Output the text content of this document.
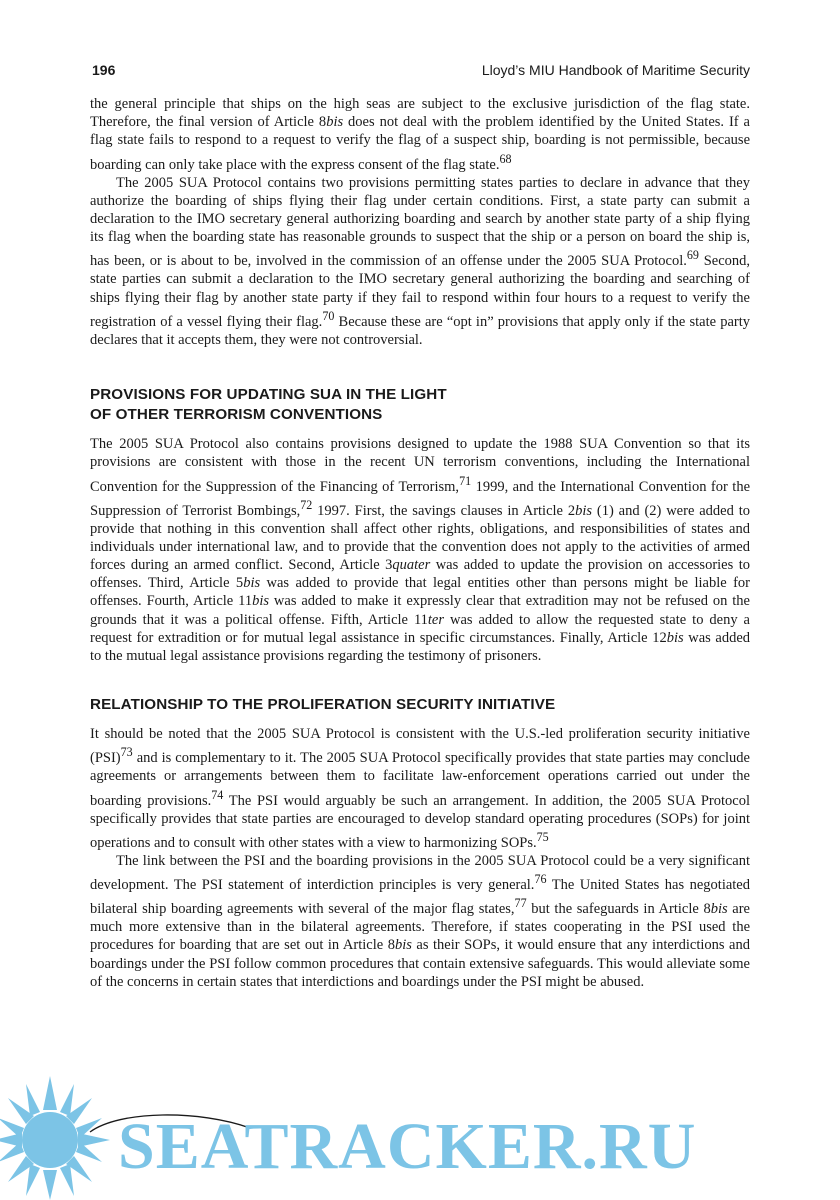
196	Lloyd’s MIU Handbook of Maritime Security

the general principle that ships on the high seas are subject to the exclusive jurisdiction of the flag state. Therefore, the final version of Article 8bis does not deal with the problem identified by the United States. If a flag state fails to respond to a request to verify the flag of a suspect ship, boarding is not permissible, because boarding can only take place with the express consent of the flag state.$^{68}$

The 2005 SUA Protocol contains two provisions permitting states parties to declare in advance that they authorize the boarding of ships flying their flag under certain conditions. First, a state party can submit a declaration to the IMO secretary general authorizing boarding and search by another state party of a ship flying its flag when the boarding state has reasonable grounds to suspect that the ship or a person on board the ship is, has been, or is about to be, involved in the commission of an offense under the 2005 SUA Protocol.$^{69}$ Second, state parties can submit a declaration to the IMO secretary general authorizing the boarding and searching of ships flying their flag by another state party if they fail to respond within four hours to a request to verify the registration of a vessel flying their flag.$^{70}$ Because these are “opt in” provisions that apply only if the state party declares that it accepts them, they were not controversial.

PROVISIONS FOR UPDATING SUA IN THE LIGHT
OF OTHER TERRORISM CONVENTIONS

The 2005 SUA Protocol also contains provisions designed to update the 1988 SUA Convention so that its provisions are consistent with those in the recent UN terrorism conventions, including the International Convention for the Suppression of the Financing of Terrorism,$^{71}$ 1999, and the International Convention for the Suppression of Terrorist Bombings,$^{72}$ 1997. First, the savings clauses in Article 2bis (1) and (2) were added to provide that nothing in this convention shall affect other rights, obligations, and responsibilities of states and individuals under international law, and to provide that the convention does not apply to the activities of armed forces during an armed conflict. Second, Article 3quater was added to update the provision on accessories to offenses. Third, Article 5bis was added to provide that legal entities other than persons might be liable for offenses. Fourth, Article 11bis was added to make it expressly clear that extradition may not be refused on the grounds that it was a political offense. Fifth, Article 11ter was added to allow the requested state to deny a request for extradition or for mutual legal assistance in specific circumstances. Finally, Article 12bis was added to the mutual legal assistance provisions regarding the testimony of prisoners.

RELATIONSHIP TO THE PROLIFERATION SECURITY INITIATIVE

It should be noted that the 2005 SUA Protocol is consistent with the U.S.-led proliferation security initiative (PSI)$^{73}$ and is complementary to it. The 2005 SUA Protocol specifically provides that state parties may conclude agreements or arrangements between them to facilitate law-enforcement operations carried out under the boarding provisions.$^{74}$ The PSI would arguably be such an arrangement. In addition, the 2005 SUA Protocol specifically provides that state parties are encouraged to develop standard operating procedures (SOPs) for joint operations and to consult with other states with a view to harmonizing SOPs.$^{75}$

The link between the PSI and the boarding provisions in the 2005 SUA Protocol could be a very significant development. The PSI statement of interdiction principles is very general.$^{76}$ The United States has negotiated bilateral ship boarding agreements with several of the major flag states,$^{77}$ but the safeguards in Article 8bis are much more extensive than in the bilateral agreements. Therefore, if states cooperating in the PSI used the procedures for boarding that are set out in Article 8bis as their SOPs, it would ensure that any interdictions and boardings under the PSI follow common procedures that contain extensive safeguards. This would alleviate some of the concerns in certain states that interdictions and boardings under the PSI might be abused.

SEATRACKER.RU
